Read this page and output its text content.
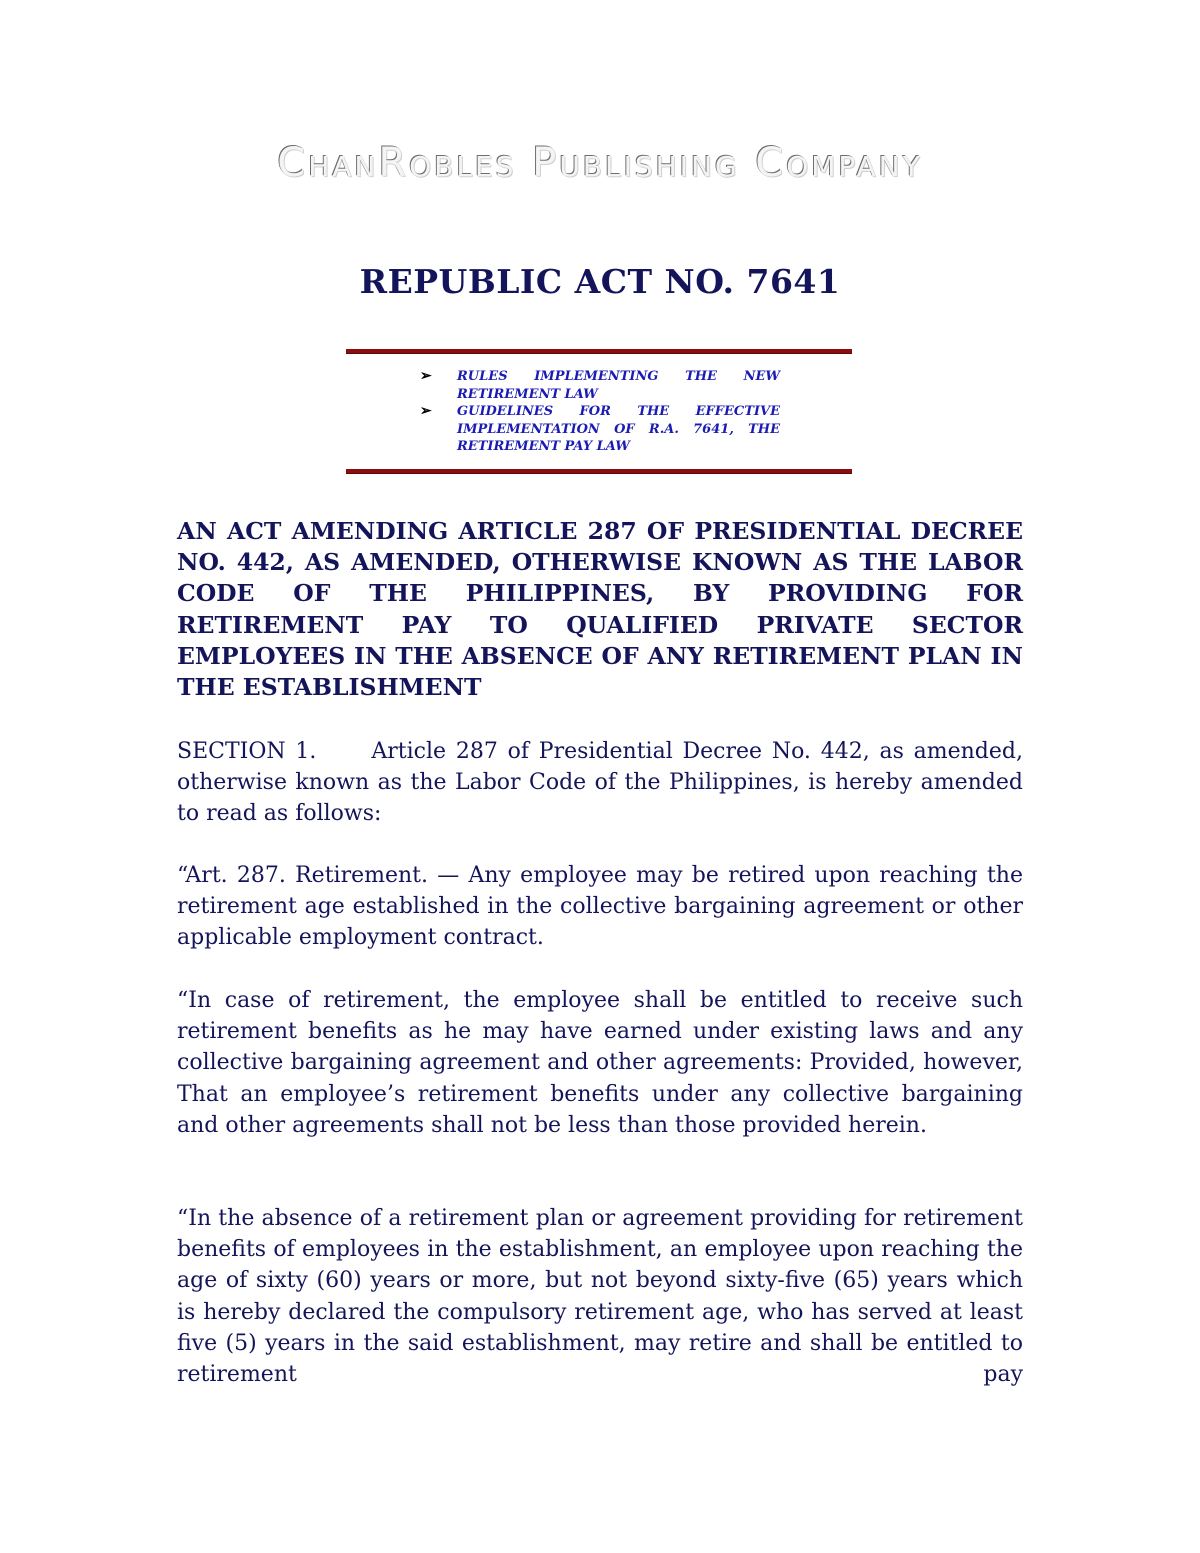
ChanRobles Publishing Company
REPUBLIC ACT NO. 7641
➢ RULES IMPLEMENTING THE NEW RETIREMENT LAW
➢ GUIDELINES FOR THE EFFECTIVE IMPLEMENTATION OF R.A. 7641, THE RETIREMENT PAY LAW

AN ACT AMENDING ARTICLE 287 OF PRESIDENTIAL DECREE NO. 442, AS AMENDED, OTHERWISE KNOWN AS THE LABOR CODE OF THE PHILIPPINES, BY PROVIDING FOR RETIREMENT PAY TO QUALIFIED PRIVATE SECTOR EMPLOYEES IN THE ABSENCE OF ANY RETIREMENT PLAN IN THE ESTABLISHMENT

SECTION 1.	Article 287 of Presidential Decree No. 442, as amended, otherwise known as the Labor Code of the Philippines, is hereby amended to read as follows:

“Art. 287. Retirement. — Any employee may be retired upon reaching the retirement age established in the collective bargaining agreement or other applicable employment contract.

“In case of retirement, the employee shall be entitled to receive such retirement benefits as he may have earned under existing laws and any collective bargaining agreement and other agreements: Provided, however, That an employee’s retirement benefits under any collective bargaining and other agreements shall not be less than those provided herein.

“In the absence of a retirement plan or agreement providing for retirement benefits of employees in the establishment, an employee upon reaching the age of sixty (60) years or more, but not beyond sixty-five (65) years which is hereby declared the compulsory retirement age, who has served at least five (5) years in the said establishment, may retire and shall be entitled to retirement pay
